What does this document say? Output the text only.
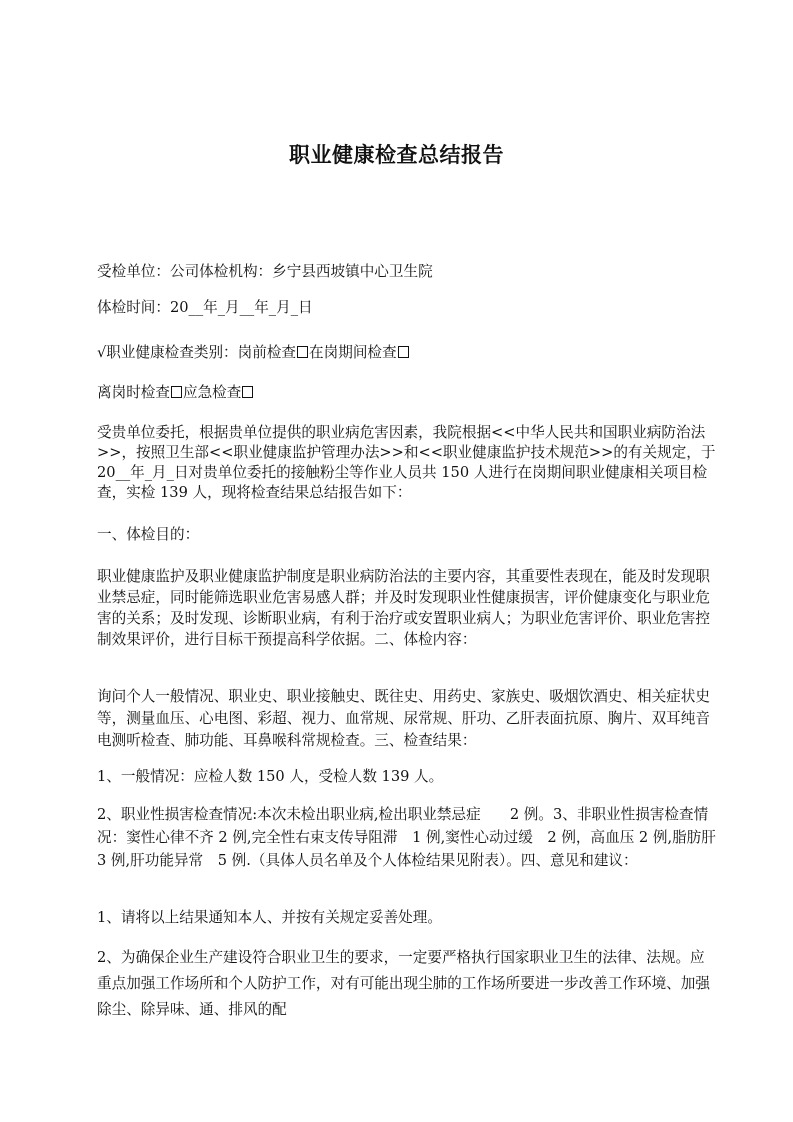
职业健康检查总结报告

受检单位：公司体检机构：乡宁县西坡镇中心卫生院

体检时间：20__年_月__年_月_日

√职业健康检查类别：岗前检查 在岗期间检查

离岗时检查 应急检查

受贵单位委托，根据贵单位提供的职业病危害因素，我院根据<<中华人民共和国职业病防治法>>，按照卫生部<<职业健康监护管理办法>>和<<职业健康监护技术规范>>的有关规定，于 20__年_月_日对贵单位委托的接触粉尘等作业人员共 150 人进行在岗期间职业健康相关项目检查，实检 139 人，现将检查结果总结报告如下：

一、体检目的：

职业健康监护及职业健康监护制度是职业病防治法的主要内容，其重要性表现在，能及时发现职业禁忌症，同时能筛选职业危害易感人群；并及时发现职业性健康损害，评价健康变化与职业危害的关系；及时发现、诊断职业病，有利于治疗或安置职业病人；为职业危害评价、职业危害控制效果评价，进行目标干预提高科学依据。二、体检内容：

询问个人一般情况、职业史、职业接触史、既往史、用药史、家族史、吸烟饮酒史、相关症状史等，测量血压、心电图、彩超、视力、血常规、尿常规、肝功、乙肝表面抗原、胸片、双耳纯音电测听检查、肺功能、耳鼻喉科常规检查。三、检查结果：

1、一般情况：应检人数 150 人，受检人数 139 人。

2、职业性损害检查情况:本次未检出职业病,检出职业禁忌症　　2 例。3、非职业性损害检查情况：窦性心律不齐 2 例,完全性右束支传导阻滞　1 例,窦性心动过缓　2 例，高血压 2 例,脂肪肝　3 例,肝功能异常　5 例.（具体人员名单及个人体检结果见附表）。四、意见和建议：

1、请将以上结果通知本人、并按有关规定妥善处理。

2、为确保企业生产建设符合职业卫生的要求，一定要严格执行国家职业卫生的法律、法规。应重点加强工作场所和个人防护工作，对有可能出现尘肺的工作场所要进一步改善工作环境、加强除尘、除异味、通、排风的配
